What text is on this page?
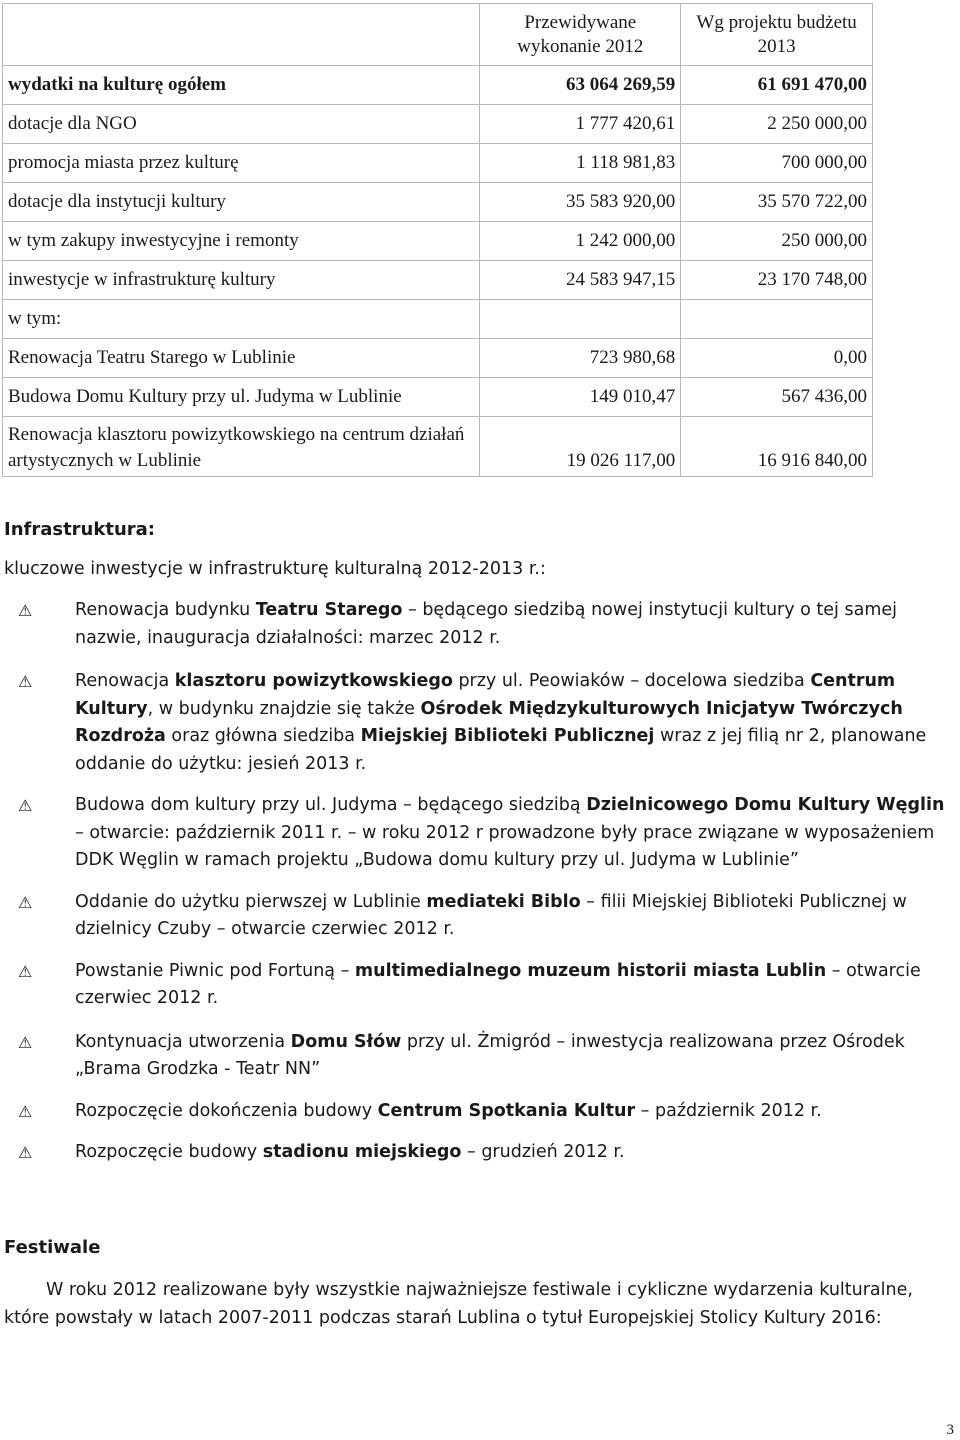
	Przewidywane wykonanie 2012	Wg projektu budżetu 2013
wydatki na kulturę ogółem	63 064 269,59	61 691 470,00
dotacje dla NGO	1 777 420,61	2 250 000,00
promocja miasta przez kulturę	1 118 981,83	700 000,00
dotacje dla instytucji kultury	35 583 920,00	35 570 722,00
w tym zakupy inwestycyjne i remonty	1 242 000,00	250 000,00
inwestycje w infrastrukturę kultury	24 583 947,15	23 170 748,00
w tym:		
Renowacja Teatru Starego w Lublinie	723 980,68	0,00
Budowa Domu Kultury przy ul. Judyma w Lublinie	149 010,47	567 436,00
Renowacja klasztoru powizytkowskiego na centrum działań artystycznych w Lublinie	19 026 117,00	16 916 840,00
Infrastruktura:
kluczowe inwestycje w infrastrukturę kulturalną 2012-2013 r.:
⚠ Renowacja budynku Teatru Starego – będącego siedzibą nowej instytucji kultury o tej samej nazwie, inauguracja działalności: marzec 2012 r.
⚠ Renowacja klasztoru powizytkowskiego przy ul. Peowiaków – docelowa siedziba Centrum Kultury, w budynku znajdzie się także Ośrodek Międzykulturowych Inicjatyw Twórczych Rozdroża oraz główna siedziba Miejskiej Biblioteki Publicznej wraz z jej filią nr 2, planowane oddanie do użytku: jesień 2013 r.
⚠ Budowa dom kultury przy ul. Judyma – będącego siedzibą Dzielnicowego Domu Kultury Węglin – otwarcie: październik 2011 r. – w roku 2012 r prowadzone były prace związane w wyposażeniem DDK Węglin w ramach projektu „Budowa domu kultury przy ul. Judyma w Lublinie”
⚠ Oddanie do użytku pierwszej w Lublinie mediateki Biblo – filii Miejskiej Biblioteki Publicznej w dzielnicy Czuby – otwarcie czerwiec 2012 r.
⚠ Powstanie Piwnic pod Fortuną – multimedialnego muzeum historii miasta Lublin – otwarcie czerwiec 2012 r.
⚠ Kontynuacja utworzenia Domu Słów przy ul. Żmigród – inwestycja realizowana przez Ośrodek „Brama Grodzka - Teatr NN”
⚠ Rozpoczęcie dokończenia budowy Centrum Spotkania Kultur – październik 2012 r.
⚠ Rozpoczęcie budowy stadionu miejskiego – grudzień 2012 r.
Festiwale
W roku 2012 realizowane były wszystkie najważniejsze festiwale i cykliczne wydarzenia kulturalne, które powstały w latach 2007-2011 podczas starań Lublina o tytuł Europejskiej Stolicy Kultury 2016:
3
